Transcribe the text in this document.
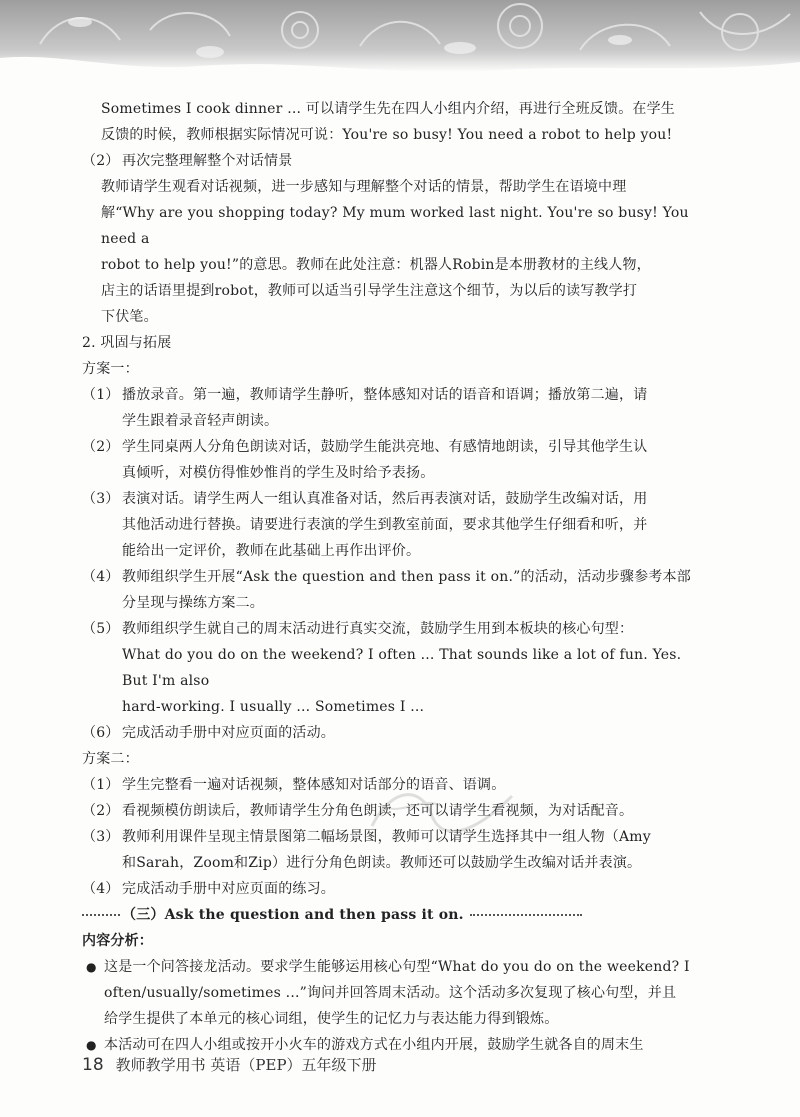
Sometimes I cook dinner ... 可以请学生先在四人小组内介绍，再进行全班反馈。在学生
反馈的时候，教师根据实际情况可说：You're so busy! You need a robot to help you!
（2） 再次完整理解整个对话情景
教师请学生观看对话视频，进一步感知与理解整个对话的情景，帮助学生在语境中理
解“Why are you shopping today? My mum worked last night. You're so busy! You need a
robot to help you!”的意思。教师在此处注意：机器人Robin是本册教材的主线人物，
店主的话语里提到robot，教师可以适当引导学生注意这个细节，为以后的读写教学打
下伏笔。
2. 巩固与拓展
方案一：
（1） 播放录音。第一遍，教师请学生静听，整体感知对话的语音和语调；播放第二遍，请
学生跟着录音轻声朗读。
（2） 学生同桌两人分角色朗读对话，鼓励学生能洪亮地、有感情地朗读，引导其他学生认
真倾听，对模仿得惟妙惟肖的学生及时给予表扬。
（3） 表演对话。请学生两人一组认真准备对话，然后再表演对话，鼓励学生改编对话，用
其他活动进行替换。请要进行表演的学生到教室前面，要求其他学生仔细看和听，并
能给出一定评价，教师在此基础上再作出评价。
（4） 教师组织学生开展“Ask the question and then pass it on.”的活动，活动步骤参考本部
分呈现与操练方案二。
（5） 教师组织学生就自己的周末活动进行真实交流，鼓励学生用到本板块的核心句型：
What do you do on the weekend? I often ... That sounds like a lot of fun. Yes. But I'm also
hard-working. I usually ... Sometimes I ...
（6） 完成活动手册中对应页面的活动。
方案二：
（1） 学生完整看一遍对话视频，整体感知对话部分的语音、语调。
（2） 看视频模仿朗读后，教师请学生分角色朗读，还可以请学生看视频，为对话配音。
（3） 教师利用课件呈现主情景图第二幅场景图，教师可以请学生选择其中一组人物（Amy
和Sarah，Zoom和Zip）进行分角色朗读。教师还可以鼓励学生改编对话并表演。
（4） 完成活动手册中对应页面的练习。
（三）Ask the question and then pass it on.
内容分析：
● 这是一个问答接龙活动。要求学生能够运用核心句型“What do you do on the weekend? I
often/usually/sometimes ...”询问并回答周末活动。这个活动多次复现了核心句型，并且
给学生提供了本单元的核心词组，使学生的记忆力与表达能力得到锻炼。
● 本活动可在四人小组或按开小火车的游戏方式在小组内开展，鼓励学生就各自的周末生
18 教师教学用书 英语（PEP）五年级下册
